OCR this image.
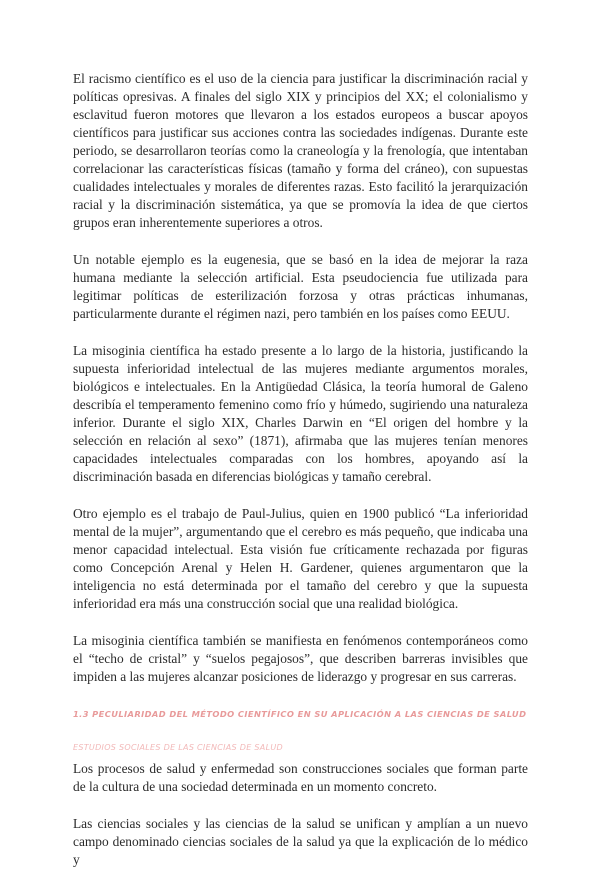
El racismo científico es el uso de la ciencia para justificar la discriminación racial y políticas opresivas. A finales del siglo XIX y principios del XX; el colonialismo y esclavitud fueron motores que llevaron a los estados europeos a buscar apoyos científicos para justificar sus acciones contra las sociedades indígenas. Durante este periodo, se desarrollaron teorías como la craneología y la frenología, que intentaban correlacionar las características físicas (tamaño y forma del cráneo), con supuestas cualidades intelectuales y morales de diferentes razas. Esto facilitó la jerarquización racial y la discriminación sistemática, ya que se promovía la idea de que ciertos grupos eran inherentemente superiores a otros.

Un notable ejemplo es la eugenesia, que se basó en la idea de mejorar la raza humana mediante la selección artificial. Esta pseudociencia fue utilizada para legitimar políticas de esterilización forzosa y otras prácticas inhumanas, particularmente durante el régimen nazi, pero también en los países como EEUU.

La misoginia científica ha estado presente a lo largo de la historia, justificando la supuesta inferioridad intelectual de las mujeres mediante argumentos morales, biológicos e intelectuales. En la Antigüedad Clásica, la teoría humoral de Galeno describía el temperamento femenino como frío y húmedo, sugiriendo una naturaleza inferior. Durante el siglo XIX, Charles Darwin en “El origen del hombre y la selección en relación al sexo” (1871), afirmaba que las mujeres tenían menores capacidades intelectuales comparadas con los hombres, apoyando así la discriminación basada en diferencias biológicas y tamaño cerebral.

Otro ejemplo es el trabajo de Paul-Julius, quien en 1900 publicó “La inferioridad mental de la mujer”, argumentando que el cerebro es más pequeño, que indicaba una menor capacidad intelectual. Esta visión fue críticamente rechazada por figuras como Concepción Arenal y Helen H. Gardener, quienes argumentaron que la inteligencia no está determinada por el tamaño del cerebro y que la supuesta inferioridad era más una construcción social que una realidad biológica.

La misoginia científica también se manifiesta en fenómenos contemporáneos como el “techo de cristal” y “suelos pegajosos”, que describen barreras invisibles que impiden a las mujeres alcanzar posiciones de liderazgo y progresar en sus carreras.

1.3 PECULIARIDAD DEL MÉTODO CIENTÍFICO EN SU APLICACIÓN A LAS CIENCIAS DE SALUD
ESTUDIOS SOCIALES DE LAS CIENCIAS DE SALUD

Los procesos de salud y enfermedad son construcciones sociales que forman parte de la cultura de una sociedad determinada en un momento concreto.

Las ciencias sociales y las ciencias de la salud se unifican y amplían a un nuevo campo denominado ciencias sociales de la salud ya que la explicación de lo médico y
